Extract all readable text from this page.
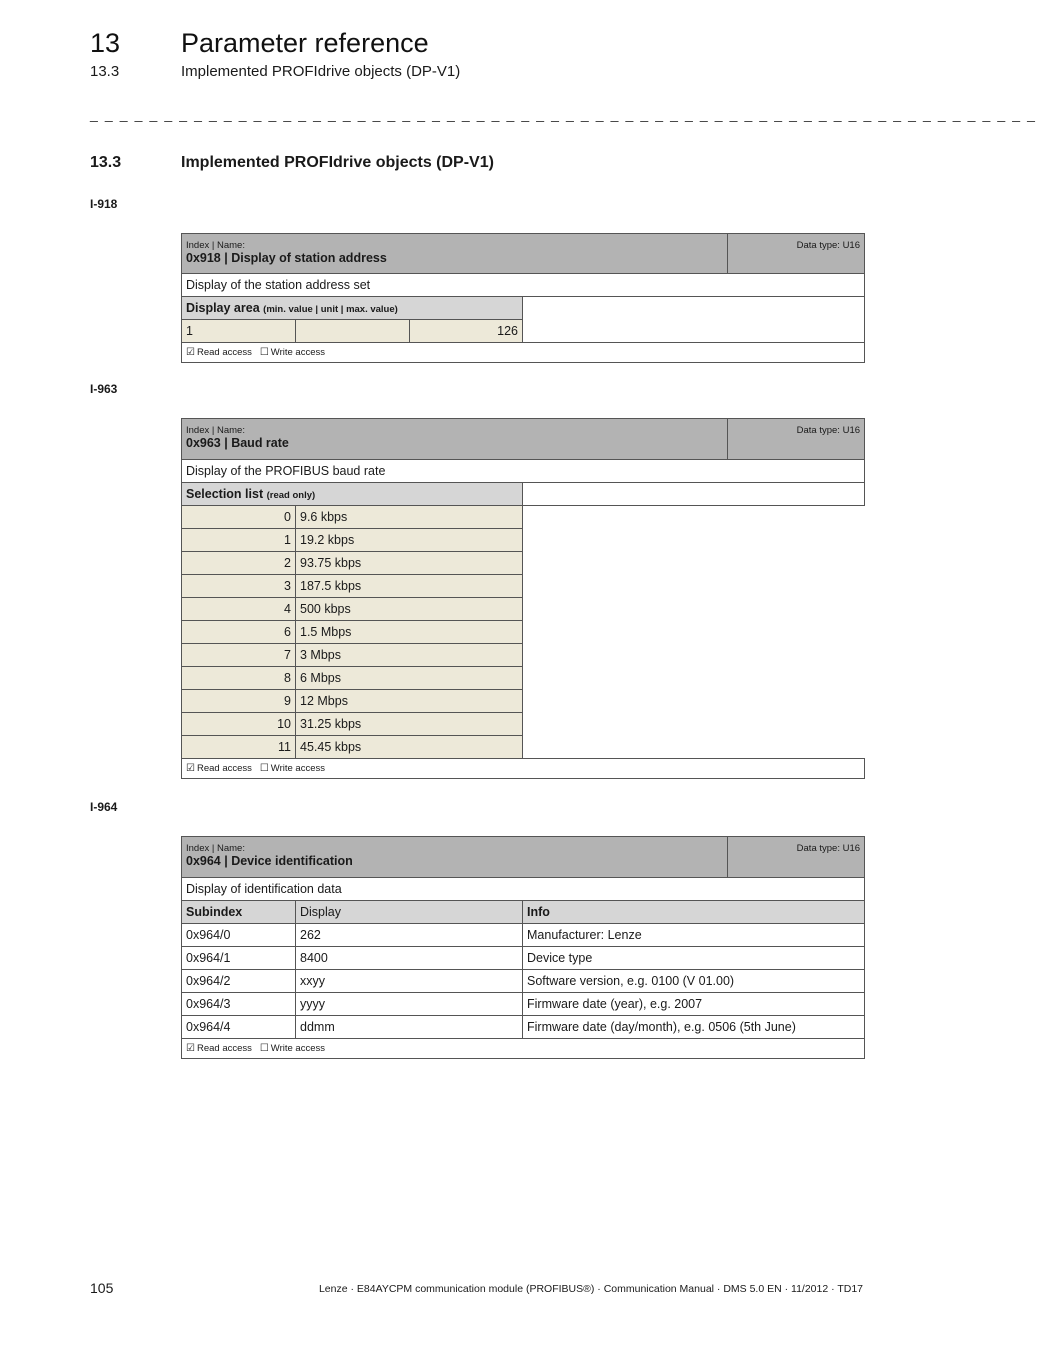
13 Parameter reference
13.3	Implemented PROFIdrive objects (DP-V1)
_ _ _ _ _ _ _ _ _ _ _ _ _ _ _ _ _ _ _ _ _ _ _ _ _ _ _ _ _ _ _ _ _ _ _ _ _ _ _ _ _ _ _ _ _ _ _ _ _ _ _ _ _ _ _ _ _ _ _ _ _ _ _ _
13.3	Implemented PROFIdrive objects (DP-V1)
I-918
Index | Name:
0x918 | Display of station address				Data type: U16
Display of the station address set				
Display area (min. value | unit | max. value)				
1		126		
☑ Read access ☐ Write access				
I-963
Index | Name:
0x963 | Baud rate			Data type: U16
Display of the PROFIBUS baud rate			
Selection list (read only)			
0	9.6 kbps		
1	19.2 kbps		
2	93.75 kbps		
3	187.5 kbps		
4	500 kbps		
6	1.5 Mbps		
7	3 Mbps		
8	6 Mbps		
9	12 Mbps		
10	31.25 kbps		
11	45.45 kbps		
☑ Read access ☐ Write access			
I-964
Index | Name:
0x964 | Device identification			Data type: U16
Display of identification data			
Subindex	Display	Info	
0x964/0	262	Manufacturer: Lenze	
0x964/1	8400	Device type	
0x964/2	xxyy	Software version, e.g. 0100 (V 01.00)	
0x964/3	yyyy	Firmware date (year), e.g. 2007	
0x964/4	ddmm	Firmware date (day/month), e.g. 0506 (5th June)	
☑ Read access ☐ Write access			
105	Lenze · E84AYCPM communication module (PROFIBUS®) · Communication Manual · DMS 5.0 EN · 11/2012 · TD17
